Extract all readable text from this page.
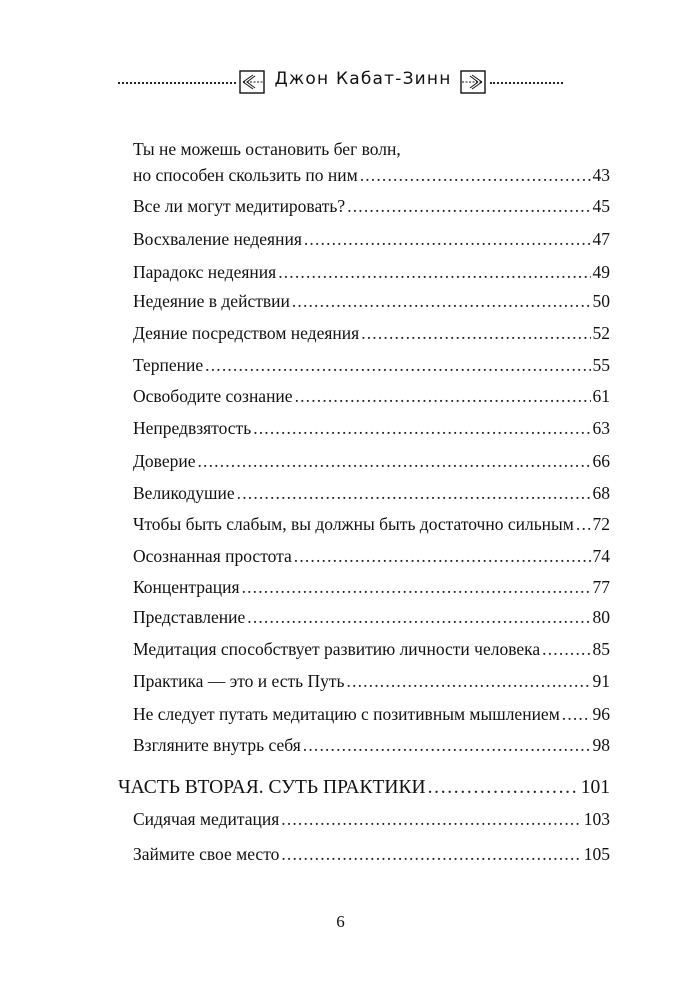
Джон Кабат-Зинн
Ты не можешь остановить бег волн,
но способен скользить по ним . . .	43
Все ли могут медитировать? . . .	45
Восхваление недеяния . . .	47
Парадокс недеяния . . .	49
Недеяние в действии . . .	50
Деяние посредством недеяния . . .	52
Терпение . . .	55
Освободите сознание . . .	61
Непредвзятость . . .	63
Доверие . . .	66
Великодушие . . .	68
Чтобы быть слабым, вы должны быть достаточно сильным . . . 72
Осознанная простота . . .	74
Концентрация . . .	77
Представление . . .	80
Медитация способствует развитию личности человека . . .	85
Практика — это и есть Путь . . .	91
Не следует путать медитацию с позитивным мышлением . . . 96
Взгляните внутрь себя . . .	98
ЧАСТЬ ВТОРАЯ. СУТЬ ПРАКТИКИ . . .	101
Сидячая медитация . . .	103
Займите свое место . . .	105
6
